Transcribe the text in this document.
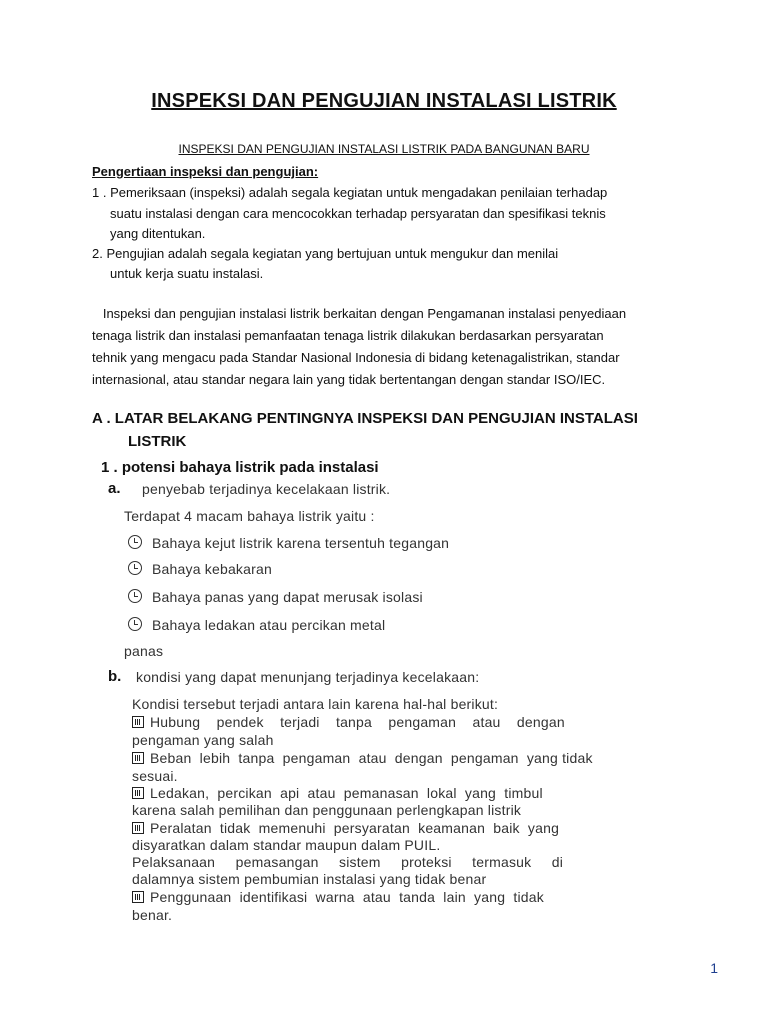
INSPEKSI DAN PENGUJIAN INSTALASI LISTRIK
INSPEKSI DAN PENGUJIAN INSTALASI LISTRIK PADA BANGUNAN BARU
Pengertiaan inspeksi dan pengujian:
1 . Pemeriksaan (inspeksi) adalah segala kegiatan untuk mengadakan penilaian terhadap
suatu instalasi dengan cara mencocokkan terhadap persyaratan dan spesifikasi teknis
yang ditentukan.
2. Pengujian adalah segala kegiatan yang bertujuan untuk mengukur dan menilai
untuk kerja suatu instalasi.
Inspeksi dan pengujian instalasi listrik berkaitan dengan Pengamanan instalasi penyediaan
tenaga listrik dan instalasi pemanfaatan tenaga listrik dilakukan berdasarkan persyaratan
tehnik yang mengacu pada Standar Nasional Indonesia di bidang ketenagalistrikan, standar
internasional, atau standar negara lain yang tidak bertentangan dengan standar ISO/IEC.
A . LATAR BELAKANG PENTINGNYA INSPEKSI DAN PENGUJIAN INSTALASI
LISTRIK
1 . potensi bahaya listrik pada instalasi
a. penyebab terjadinya kecelakaan listrik.
Terdapat 4 macam bahaya listrik yaitu :
Bahaya kejut listrik karena tersentuh tegangan
Bahaya kebakaran
Bahaya panas yang dapat merusak isolasi
Bahaya ledakan atau percikan metal
panas
b. kondisi yang dapat menunjang terjadinya kecelakaan:
Kondisi tersebut terjadi antara lain karena hal-hal berikut:
Hubung    pendek    terjadi    tanpa    pengaman    atau    dengan
pengaman yang salah
Beban  lebih  tanpa  pengaman  atau  dengan  pengaman  yang tidak
sesuai.
Ledakan,  percikan  api  atau  pemanasan  lokal  yang  timbul
karena salah pemilihan dan penggunaan perlengkapan listrik
Peralatan  tidak  memenuhi  persyaratan  keamanan  baik  yang
disyaratkan dalam standar maupun dalam PUIL.
Pelaksanaan     pemasangan     sistem     proteksi     termasuk     di
dalamnya sistem pembumian instalasi yang tidak benar
Penggunaan  identifikasi  warna  atau  tanda  lain  yang  tidak
benar.
1
